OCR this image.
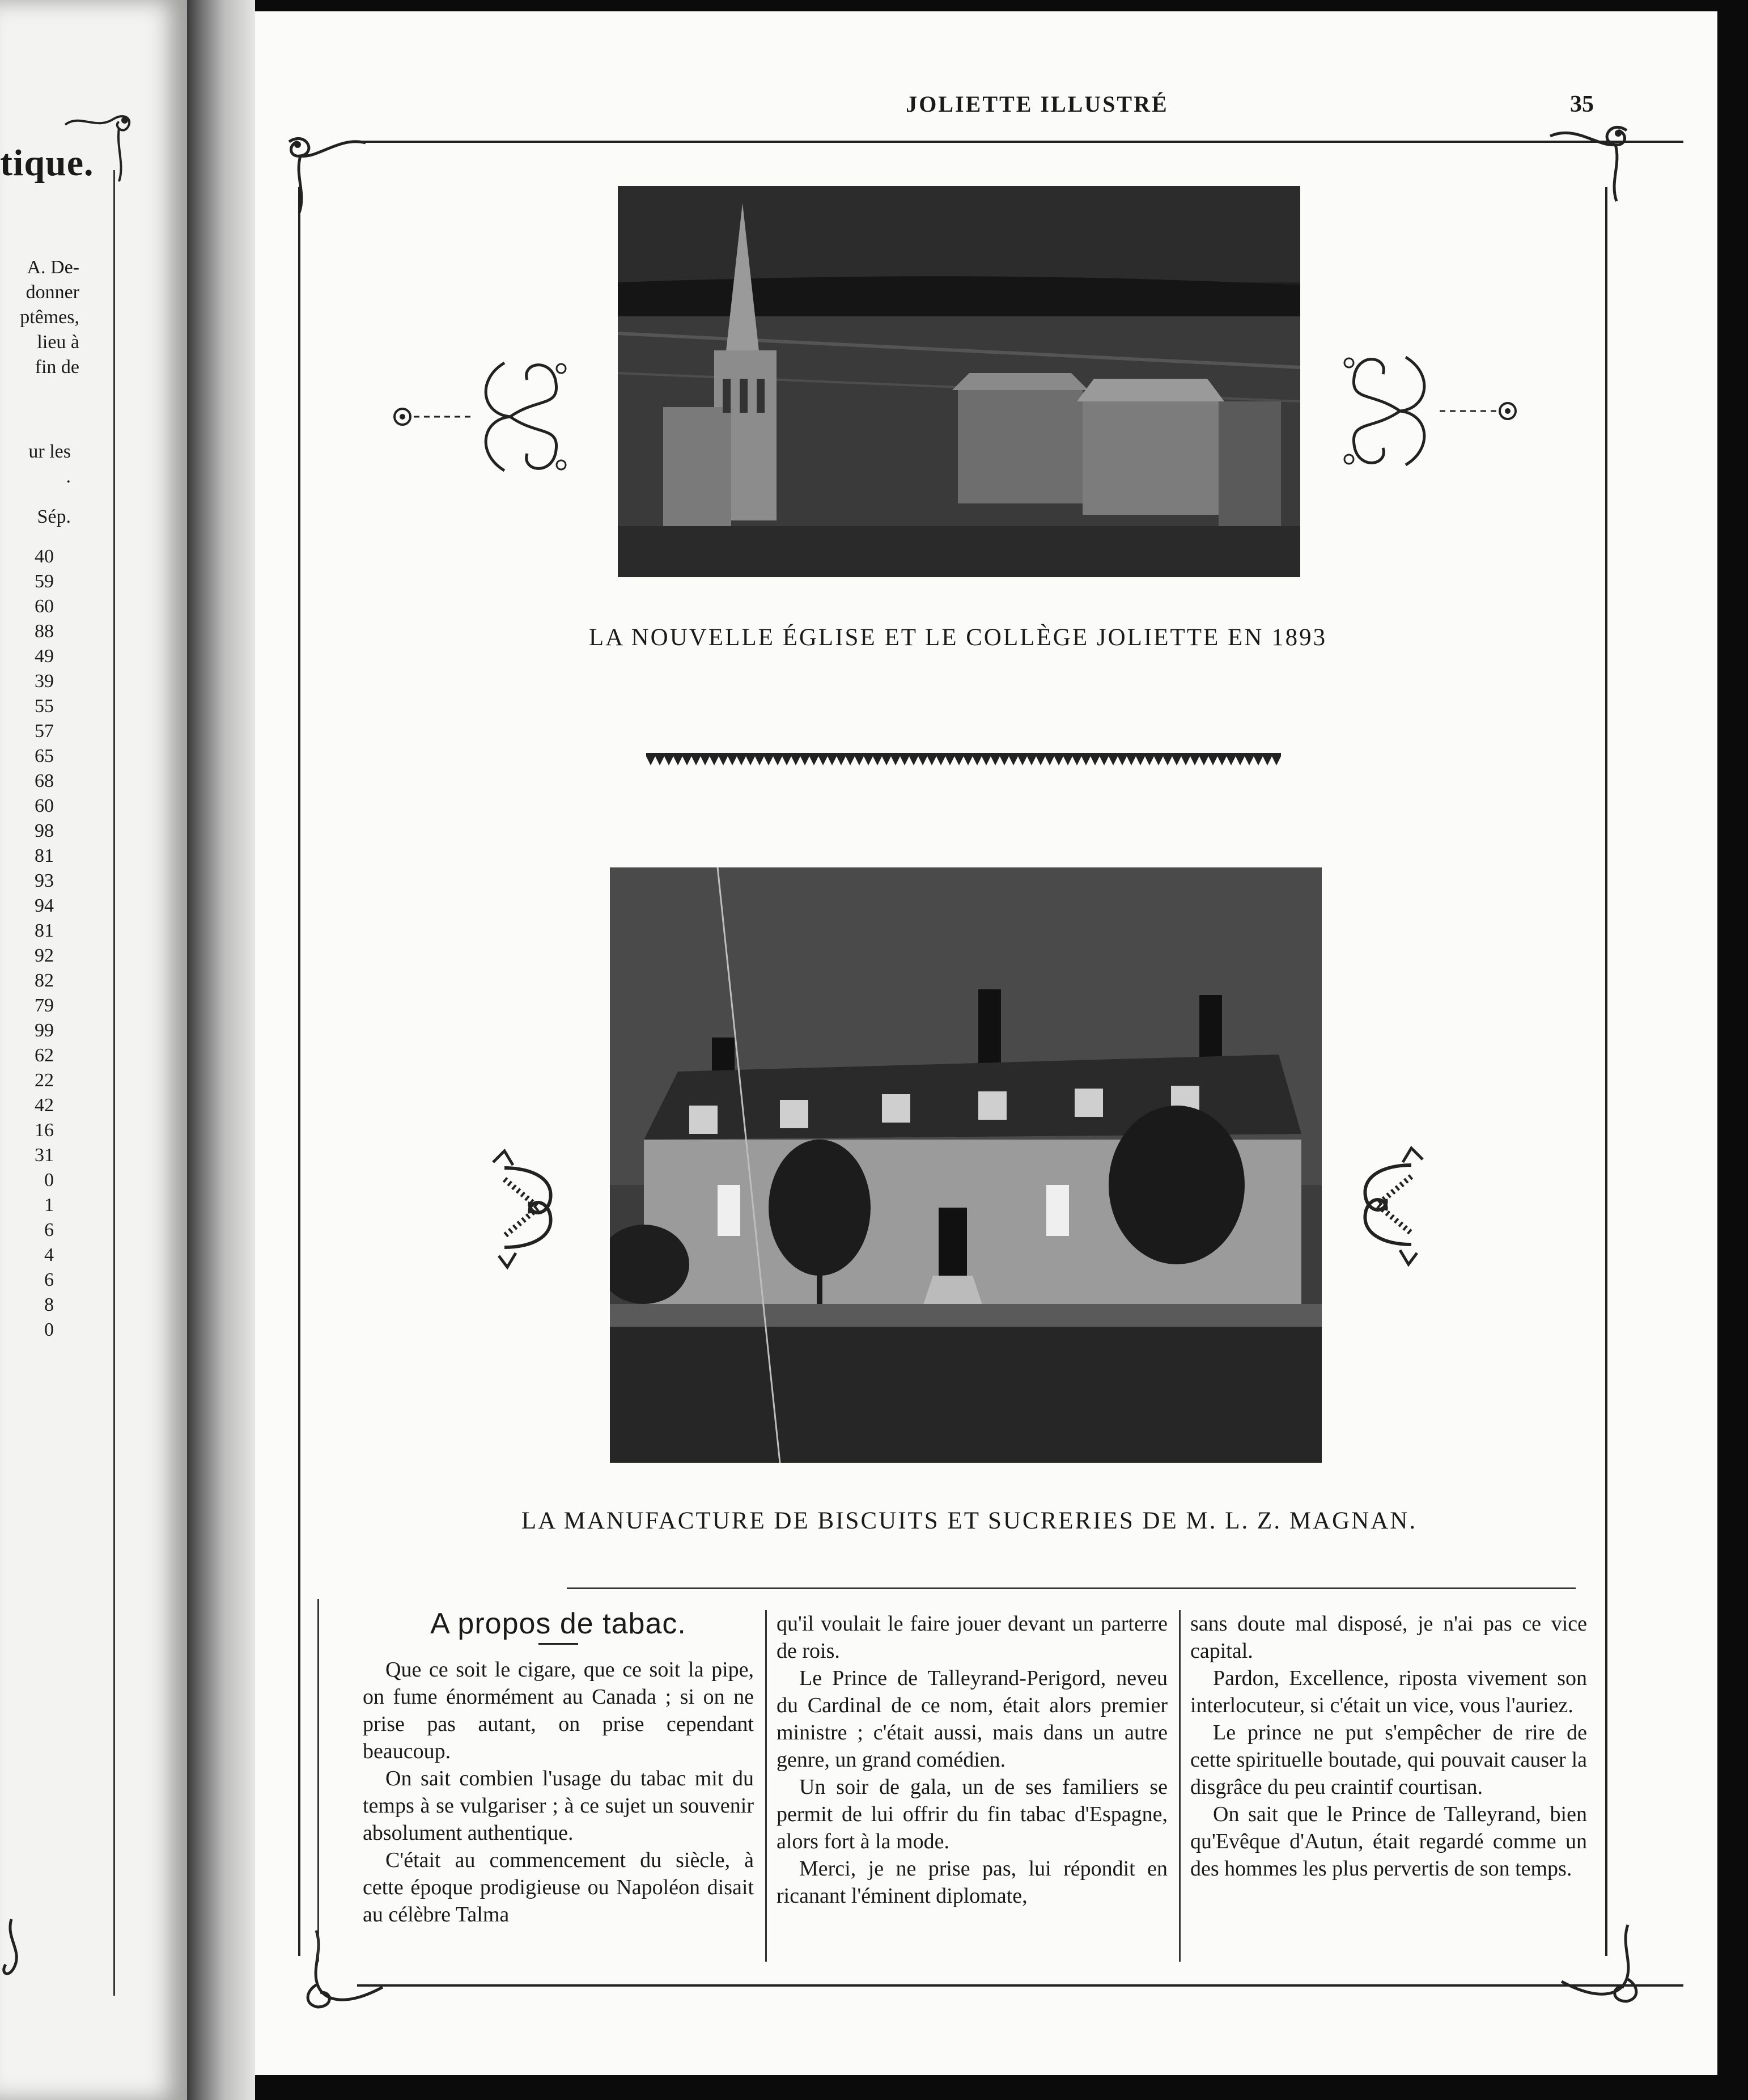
tique.
A. De-
donner
ptêmes,
lieu à
fin de
ur les
.
Sép.
40
59
60
88
49
39
55
57
65
68
60
98
81
93
94
81
92
82
79
99
62
22
42
16
31
0
1
6
4
6
8
0
JOLIETTE ILLUSTRÉ	35
LA NOUVELLE ÉGLISE ET LE COLLÈGE JOLIETTE EN 1893
LA MANUFACTURE DE BISCUITS ET SUCRERIES DE M. L. Z. MAGNAN.
A propos de tabac.

Que ce soit le cigare, que ce soit la pipe, on fume énormément au Canada ; si on ne prise pas autant, on prise cependant beaucoup.

On sait combien l'usage du tabac mit du temps à se vulgariser ; à ce sujet un souvenir absolument authentique.

C'était au commencement du siècle, à cette époque prodigieuse ou Napoléon disait au célèbre Talma

qu'il voulait le faire jouer devant un parterre de rois.

Le Prince de Talleyrand-Perigord, neveu du Cardinal de ce nom, était alors premier ministre ; c'était aussi, mais dans un autre genre, un grand comédien.

Un soir de gala, un de ses familiers se permit de lui offrir du fin tabac d'Espagne, alors fort à la mode.

Merci, je ne prise pas, lui répondit en ricanant l'éminent diplomate,

sans doute mal disposé, je n'ai pas ce vice capital.

Pardon, Excellence, riposta vivement son interlocuteur, si c'était un vice, vous l'auriez.

Le prince ne put s'empêcher de rire de cette spirituelle boutade, qui pouvait causer la disgrâce du peu craintif courtisan.

On sait que le Prince de Talleyrand, bien qu'Evêque d'Autun, était regardé comme un des hommes les plus pervertis de son temps.
